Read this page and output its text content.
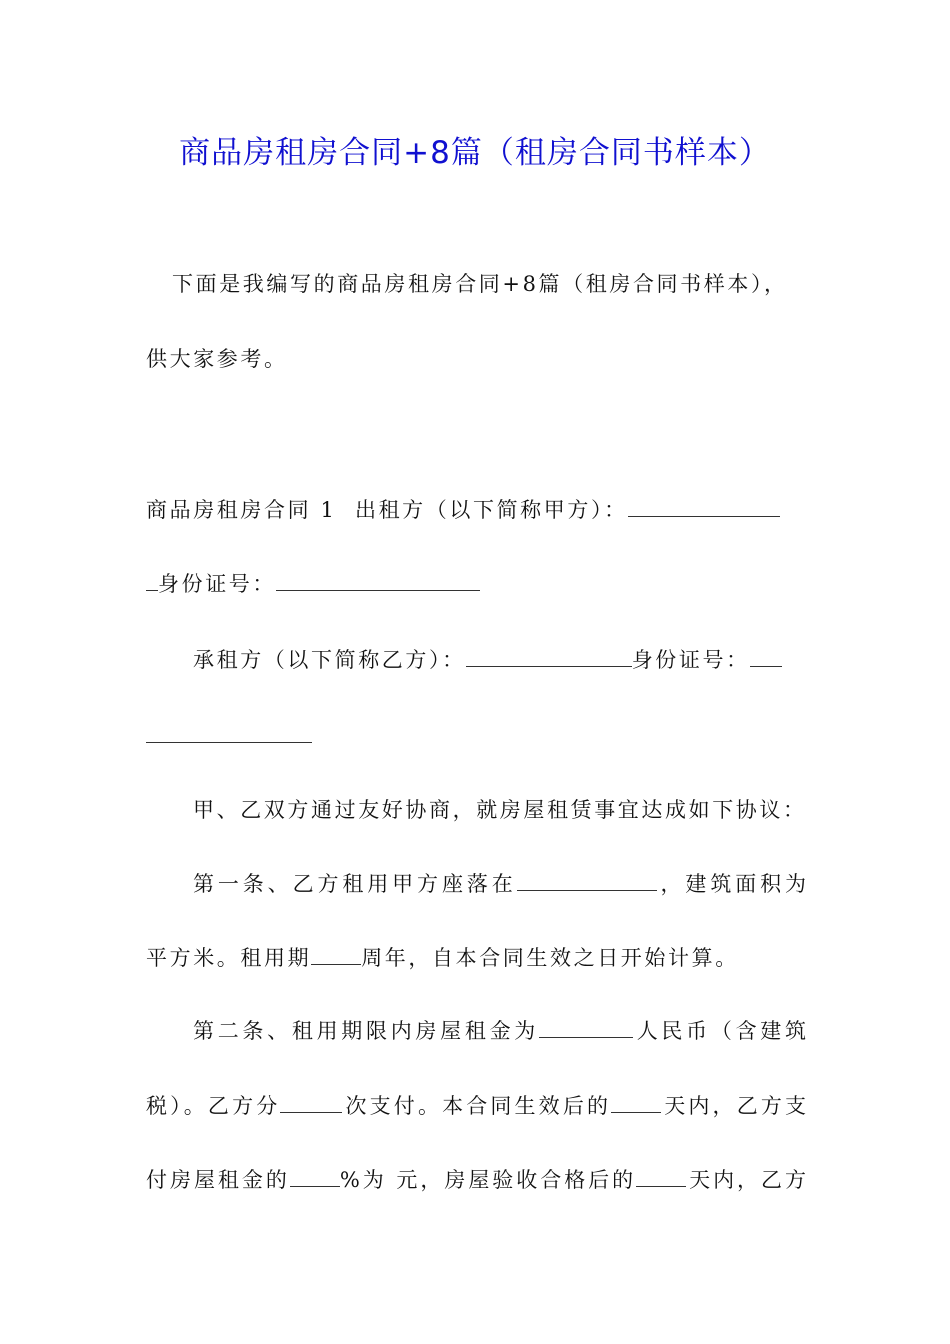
商品房租房合同+8篇（租房合同书样本）
下面是我编写的商品房租房合同+8篇（租房合同书样本），
供大家参考。
商品房租房合同 1  出租方（以下简称甲方）：
身份证号：
承租方（以下简称乙方）：	身份证号：
甲、乙双方通过友好协商，就房屋租赁事宜达成如下协议：
第一条、乙方租用甲方座落在	，建筑面积为
平方米。租用期 周年，自本合同生效之日开始计算。
第二条、租用期限内房屋租金为	人民币（含建筑
税）。乙方分	次支付。本合同生效后的 天内，乙方支
付房屋租金的 %为 元，房屋验收合格后的 天内，乙方
